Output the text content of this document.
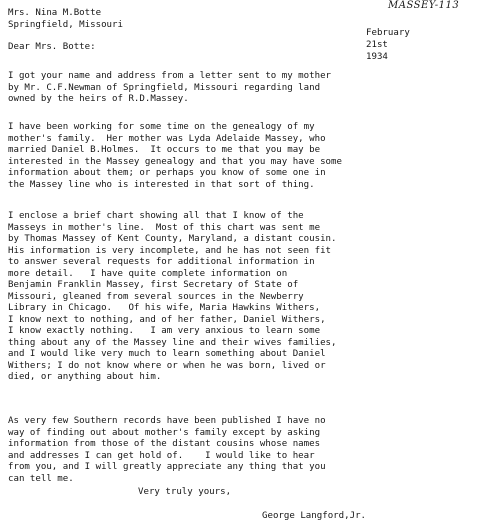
MASSEY-113
Mrs. Nina M.Botte
Springfield, Missouri
February
21st
1934
Dear Mrs. Botte:
I got your name and address from a letter sent to my mother
by Mr. C.F.Newman of Springfield, Missouri regarding land
owned by the heirs of R.D.Massey.
I have been working for some time on the genealogy of my
mother's family.  Her mother was Lyda Adelaide Massey, who
married Daniel B.Holmes.  It occurs to me that you may be
interested in the Massey genealogy and that you may have some
information about them; or perhaps you know of some one in
the Massey line who is interested in that sort of thing.
I enclose a brief chart showing all that I know of the
Masseys in mother's line.  Most of this chart was sent me
by Thomas Massey of Kent County, Maryland, a distant cousin.
His information is very incomplete, and he has not seen fit
to answer several requests for additional information in
more detail.   I have quite complete information on
Benjamin Franklin Massey, first Secretary of State of
Missouri, gleaned from several sources in the Newberry
Library in Chicago.   Of his wife, Maria Hawkins Withers,
I know next to nothing, and of her father, Daniel Withers,
I know exactly nothing.   I am very anxious to learn some
thing about any of the Massey line and their wives families,
and I would like very much to learn something about Daniel
Withers; I do not know where or when he was born, lived or
died, or anything about him.
As very few Southern records have been published I have no
way of finding out about mother's family except by asking
information from those of the distant cousins whose names
and addresses I can get hold of.    I would like to hear
from you, and I will greatly appreciate any thing that you
can tell me.
Very truly yours,
George Langford,Jr.
